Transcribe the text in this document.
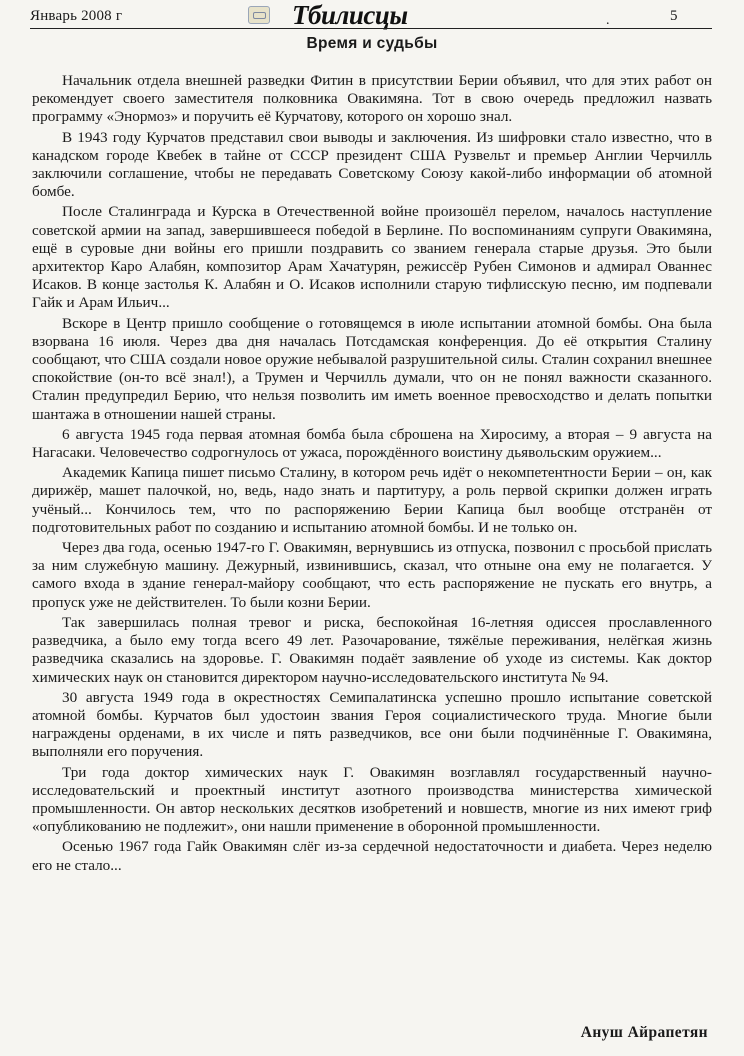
Январь 2008 г	Тбилисцы	.	5
Время и судьбы

Начальник отдела внешней разведки Фитин в присутствии Берии объявил, что для этих работ он рекомендует своего заместителя полковника Овакимяна. Тот в свою очередь предложил назвать программу «Энормоз» и поручить её Курчатову, которого он хорошо знал.

В 1943 году Курчатов представил свои выводы и заключения. Из шифровки стало известно, что в канадском городе Квебек в тайне от СССР президент США Рузвельт и премьер Англии Черчилль заключили соглашение, чтобы не передавать Советскому Союзу какой-либо информации об атомной бомбе.

После Сталинграда и Курска в Отечественной войне произошёл перелом, началось наступление советской армии на запад, завершившееся победой в Берлине. По воспоминаниям супруги Овакимяна, ещё в суровые дни войны его пришли поздравить со званием генерала старые друзья. Это были архитектор Каро Алабян, композитор Арам Хачатурян, режиссёр Рубен Симонов и адмирал Ованнес Исаков. В конце застолья К. Алабян и О. Исаков исполнили старую тифлисскую песню, им подпевали Гайк и Арам Ильич...

Вскоре в Центр пришло сообщение о готовящемся в июле испытании атомной бомбы. Она была взорвана 16 июля. Через два дня началась Потсдамская конференция. До её открытия Сталину сообщают, что США создали новое оружие небывалой разрушительной силы. Сталин сохранил внешнее спокойствие (он-то всё знал!), а Трумен и Черчилль думали, что он не понял важности сказанного. Сталин предупредил Берию, что нельзя позволить им иметь военное превосходство и делать попытки шантажа в отношении нашей страны.

6 августа 1945 года первая атомная бомба была сброшена на Хиросиму, а вторая – 9 августа на Нагасаки. Человечество содрогнулось от ужаса, порождённого воистину дьявольским оружием...

Академик Капица пишет письмо Сталину, в котором речь идёт о некомпетентности Берии – он, как дирижёр, машет палочкой, но, ведь, надо знать и партитуру, а роль первой скрипки должен играть учёный... Кончилось тем, что по распоряжению Берии Капица был вообще отстранён от подготовительных работ по созданию и испытанию атомной бомбы. И не только он.

Через два года, осенью 1947-го Г. Овакимян, вернувшись из отпуска, позвонил с просьбой прислать за ним служебную машину. Дежурный, извинившись, сказал, что отныне она ему не полагается. У самого входа в здание генерал-майору сообщают, что есть распоряжение не пускать его внутрь, а пропуск уже не действителен. То были козни Берии.

Так завершилась полная тревог и риска, беспокойная 16-летняя одиссея прославленного разведчика, а было ему тогда всего 49 лет. Разочарование, тяжёлые переживания, нелёгкая жизнь разведчика сказались на здоровье. Г. Овакимян подаёт заявление об уходе из системы. Как доктор химических наук он становится директором научно-исследовательского института № 94.

30 августа 1949 года в окрестностях Семипалатинска успешно прошло испытание советской атомной бомбы. Курчатов был удостоин звания Героя социалистического труда. Многие были награждены орденами, в их числе и пять разведчиков, все они были подчинённые Г. Овакимяна, выполняли его поручения.

Три года доктор химических наук Г. Овакимян возглавлял государственный научно-исследовательский и проектный институт азотного производства министерства химической промышленности. Он автор нескольких десятков изобретений и новшеств, многие из них имеют гриф «опубликованию не подлежит», они нашли применение в оборонной промышленности.

Осенью 1967 года Гайк Овакимян слёг из-за сердечной недостаточности и диабета. Через неделю его не стало...

Ануш Айрапетян
